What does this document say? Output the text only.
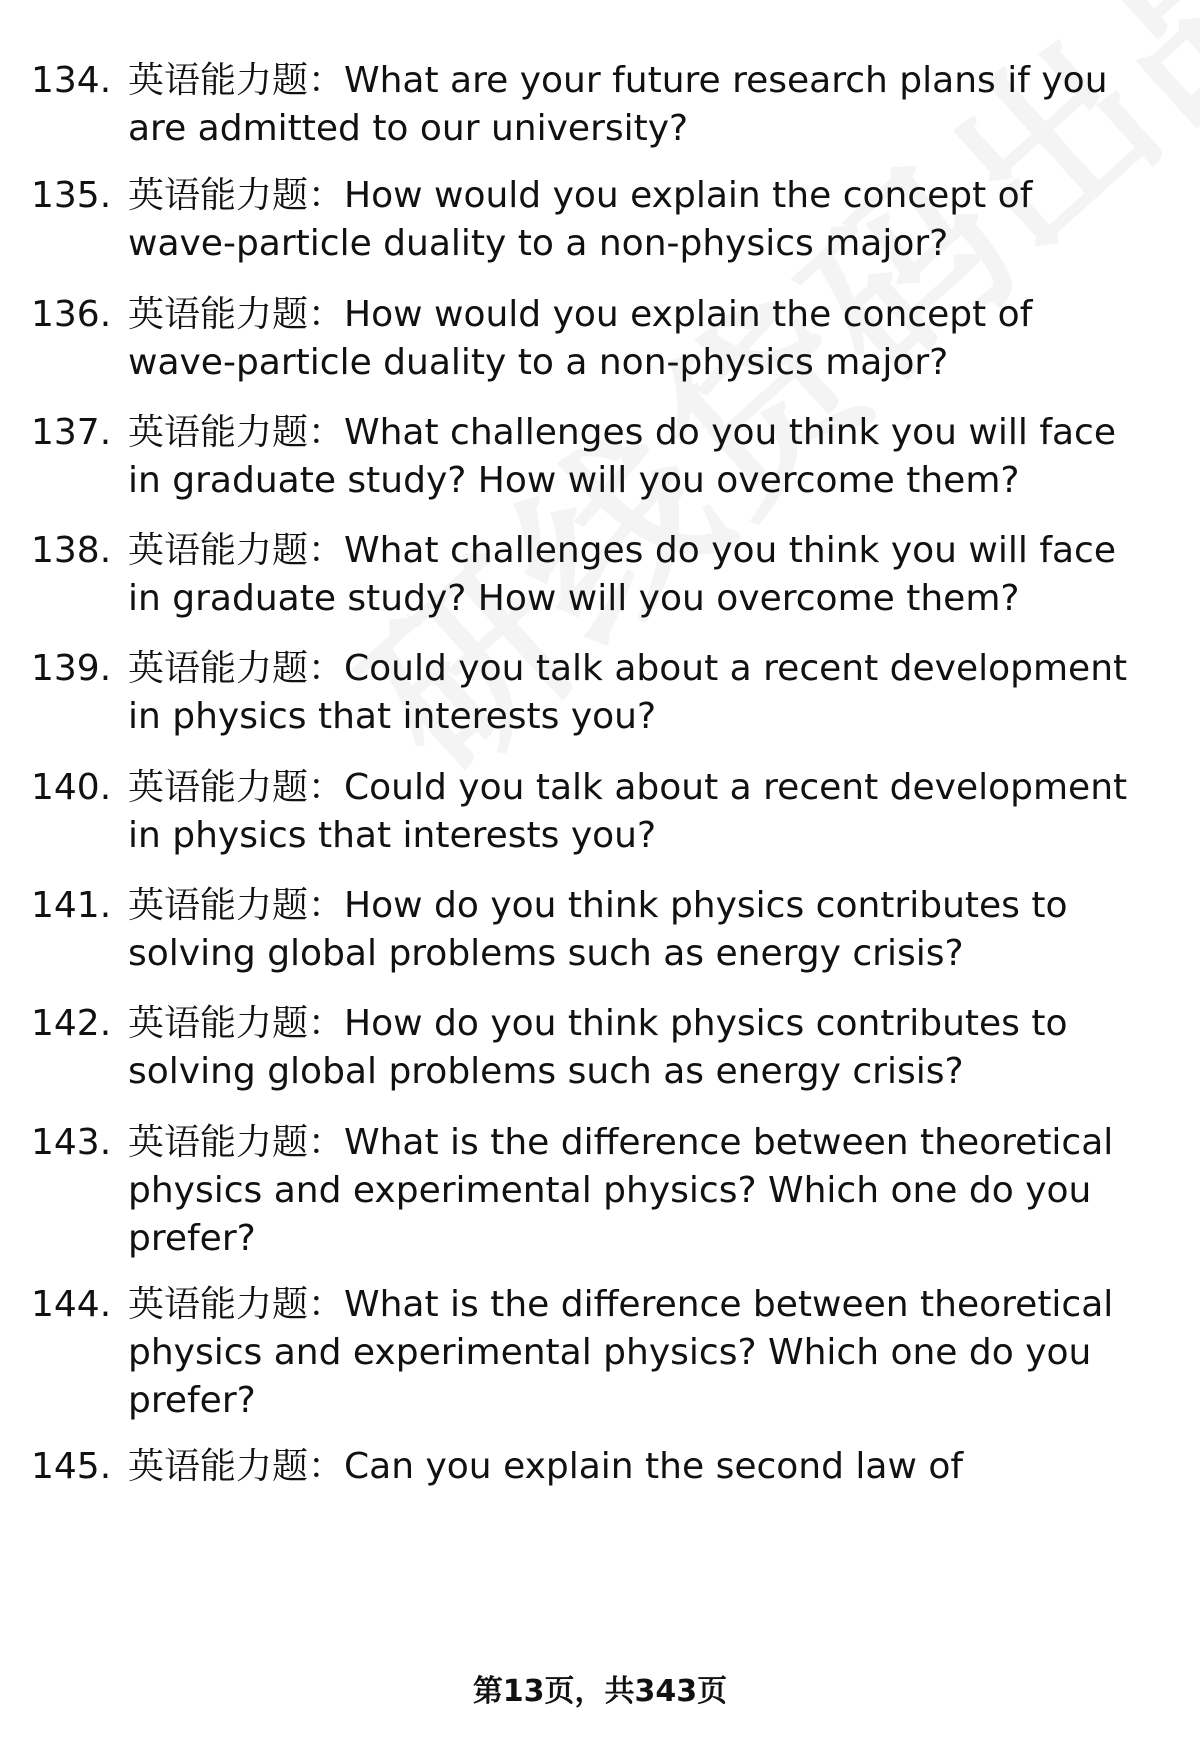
134. 英语能力题：What are your future research plans if you are admitted to our university?
135. 英语能力题：How would you explain the concept of wave-particle duality to a non-physics major?
136. 英语能力题：How would you explain the concept of wave-particle duality to a non-physics major?
137. 英语能力题：What challenges do you think you will face in graduate study? How will you overcome them?
138. 英语能力题：What challenges do you think you will face in graduate study? How will you overcome them?
139. 英语能力题：Could you talk about a recent development in physics that interests you?
140. 英语能力题：Could you talk about a recent development in physics that interests you?
141. 英语能力题：How do you think physics contributes to solving global problems such as energy crisis?
142. 英语能力题：How do you think physics contributes to solving global problems such as energy crisis?
143. 英语能力题：What is the difference between theoretical physics and experimental physics? Which one do you prefer?
144. 英语能力题：What is the difference between theoretical physics and experimental physics? Which one do you prefer?
145. 英语能力题：Can you explain the second law of
第13页，共343页
